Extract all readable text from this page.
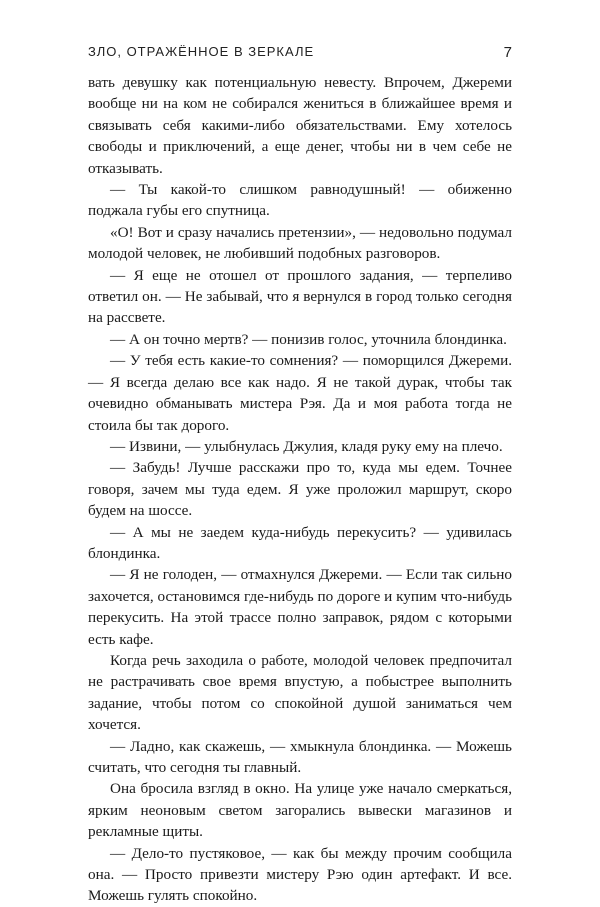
ЗЛО, ОТРАЖЁННОЕ В ЗЕРКАЛЕ	7

вать девушку как потенциальную невесту. Впрочем, Джереми вообще ни на ком не собирался жениться в ближайшее время и связывать себя какими-либо обязательствами. Ему хотелось свободы и приключений, а еще денег, чтобы ни в чем себе не отказывать.

— Ты какой-то слишком равнодушный! — обиженно поджала губы его спутница.

«О! Вот и сразу начались претензии», — недовольно подумал молодой человек, не любивший подобных разговоров.

— Я еще не отошел от прошлого задания, — терпеливо ответил он. — Не забывай, что я вернулся в город только сегодня на рассвете.

— А он точно мертв? — понизив голос, уточнила блондинка.

— У тебя есть какие-то сомнения? — поморщился Джереми. — Я всегда делаю все как надо. Я не такой дурак, чтобы так очевидно обманывать мистера Рэя. Да и моя работа тогда не стоила бы так дорого.

— Извини, — улыбнулась Джулия, кладя руку ему на плечо.

— Забудь! Лучше расскажи про то, куда мы едем. Точнее говоря, зачем мы туда едем. Я уже проложил маршрут, скоро будем на шоссе.

— А мы не заедем куда-нибудь перекусить? — удивилась блондинка.

— Я не голоден, — отмахнулся Джереми. — Если так сильно захочется, остановимся где-нибудь по дороге и купим что-нибудь перекусить. На этой трассе полно заправок, рядом с которыми есть кафе.

Когда речь заходила о работе, молодой человек предпочитал не растрачивать свое время впустую, а побыстрее выполнить задание, чтобы потом со спокойной душой заниматься чем хочется.

— Ладно, как скажешь, — хмыкнула блондинка. — Можешь считать, что сегодня ты главный.

Она бросила взгляд в окно. На улице уже начало смеркаться, ярким неоновым светом загорались вывески магазинов и рекламные щиты.

— Дело-то пустяковое, — как бы между прочим сообщила она. — Просто привезти мистеру Рэю один артефакт. И все. Можешь гулять спокойно.
